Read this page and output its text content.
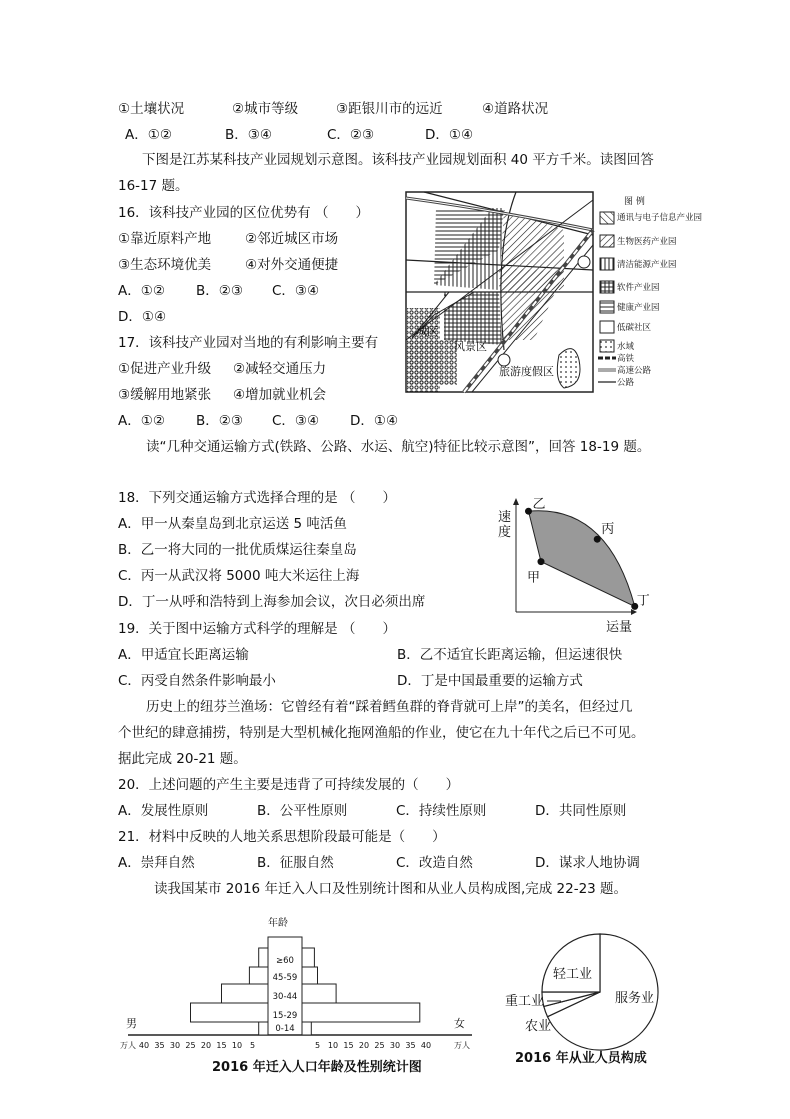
①土壤状况	②城市等级	③距银川市的远近	④道路状况
A．①②	B．③④	C．②③	D．①④
下图是江苏某科技产业园规划示意图。该科技产业园规划面积 40 平方千米。读图回答
16-17 题。
16．该科技产业园的区位优势有 （　　）
①靠近原料产地	②邻近城区市场
③生态环境优美	④对外交通便捷
A．①② B．②③ C．③④
D．①④
17．该科技产业园对当地的有利影响主要有
①促进产业升级 ②减轻交通压力
③缓解用地紧张 ④增加就业机会
A．①② B．②③ C．③④ D．①④
城区
风景区
旅游度假区
图 例
通讯与电子信息产业园
生物医药产业园
清洁能源产业园
软件产业园
健康产业园
低碳社区
水域
高铁
高速公路
公路
读“几种交通运输方式(铁路、公路、水运、航空)特征比较示意图”，回答 18-19 题。
18．下列交通运输方式选择合理的是 （　　）
A．甲一从秦皇岛到北京运送 5 吨活鱼
B．乙一将大同的一批优质煤运往秦皇岛
C．丙一从武汉将 5000 吨大米运往上海
D．丁一从呼和浩特到上海参加会议，次日必须出席
乙
丙
甲
丁
速度
运量
19．关于图中运输方式科学的理解是 （　　）
A．甲适宜长距离运输	B．乙不适宜长距离运输，但运速很快
C．丙受自然条件影响最小	D．丁是中国最重要的运输方式
历史上的纽芬兰渔场：它曾经有着“踩着鳕鱼群的脊背就可上岸”的美名，但经过几
个世纪的肆意捕捞，特别是大型机械化拖网渔船的作业，使它在九十年代之后已不可见。
据此完成 20-21 题。
20．上述问题的产生主要是违背了可持续发展的（　　）
A．发展性原则	B．公平性原则	C．持续性原则	D．共同性原则
21．材料中反映的人地关系思想阶段最可能是（　　）
A．崇拜自然	B．征服自然	C．改造自然	D．谋求人地协调
读我国某市 2016 年迁入人口及性别统计图和从业人员构成图,完成 22-23 题。
0-14
15-29
30-44
45-59
≥60
40	40
35	35
30	30
25	25
20	20
15	15
10	10
5	5
万人	万人
男	女
年龄
2016 年迁入人口年龄及性别统计图
服务业
轻工业
重工业
农业
2016 年从业人员构成
